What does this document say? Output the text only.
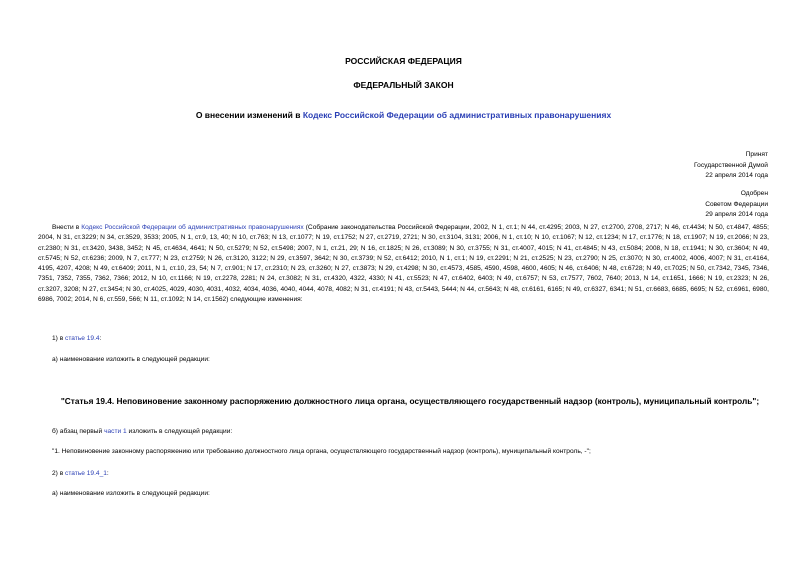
РОССИЙСКАЯ ФЕДЕРАЦИЯ
ФЕДЕРАЛЬНЫЙ ЗАКОН
О внесении изменений в Кодекс Российской Федерации об административных правонарушениях
Принят
Государственной Думой
22 апреля 2014 года
Одобрен
Советом Федерации
29 апреля 2014 года
Внести в Кодекс Российской Федерации об административных правонарушениях (Собрание законодательства Российской Федерации, 2002, N 1, ст.1; N 44, ст.4295; 2003, N 27, ст.2700, 2708, 2717; N 46, ст.4434; N 50, ст.4847, 4855; 2004, N 31, ст.3229; N 34, ст.3529, 3533; 2005, N 1, ст.9, 13, 40; N 10, ст.763; N 13, ст.1077; N 19, ст.1752; N 27, ст.2719, 2721; N 30, ст.3104, 3131; 2006, N 1, ст.10; N 10, ст.1067; N 12, ст.1234; N 17, ст.1776; N 18, ст.1907; N 19, ст.2066; N 23, ст.2380; N 31, ст.3420, 3438, 3452; N 45, ст.4634, 4641; N 50, ст.5279; N 52, ст.5498; 2007, N 1, ст.21, 29; N 16, ст.1825; N 26, ст.3089; N 30, ст.3755; N 31, ст.4007, 4015; N 41, ст.4845; N 43, ст.5084; 2008, N 18, ст.1941; N 30, ст.3604; N 49, ст.5745; N 52, ст.6236; 2009, N 7, ст.777; N 23, ст.2759; N 26, ст.3120, 3122; N 29, ст.3597, 3642; N 30, ст.3739; N 52, ст.6412; 2010, N 1, ст.1; N 19, ст.2291; N 21, ст.2525; N 23, ст.2790; N 25, ст.3070; N 30, ст.4002, 4006, 4007; N 31, ст.4164, 4195, 4207, 4208; N 49, ст.6409; 2011, N 1, ст.10, 23, 54; N 7, ст.901; N 17, ст.2310; N 23, ст.3260; N 27, ст.3873; N 29, ст.4298; N 30, ст.4573, 4585, 4590, 4598, 4600, 4605; N 46, ст.6406; N 48, ст.6728; N 49, ст.7025; N 50, ст.7342, 7345, 7346, 7351, 7352, 7355, 7362, 7366; 2012, N 10, ст.1166; N 19, ст.2278, 2281; N 24, ст.3082; N 31, ст.4320, 4322, 4330; N 41, ст.5523; N 47, ст.6402, 6403; N 49, ст.6757; N 53, ст.7577, 7602, 7640; 2013, N 14, ст.1651, 1666; N 19, ст.2323; N 26, ст.3207, 3208; N 27, ст.3454; N 30, ст.4025, 4029, 4030, 4031, 4032, 4034, 4036, 4040, 4044, 4078, 4082; N 31, ст.4191; N 43, ст.5443, 5444; N 44, ст.5643; N 48, ст.6161, 6165; N 49, ст.6327, 6341; N 51, ст.6683, 6685, 6695; N 52, ст.6961, 6980, 6986, 7002; 2014, N 6, ст.559, 566; N 11, ст.1092; N 14, ст.1562) следующие изменения:
1) в статье 19.4:
а) наименование изложить в следующей редакции:
"Статья 19.4. Неповиновение законному распоряжению должностного лица органа, осуществляющего государственный надзор (контроль), муниципальный контроль";
б) абзац первый части 1 изложить в следующей редакции:
"1. Неповиновение законному распоряжению или требованию должностного лица органа, осуществляющего государственный надзор (контроль), муниципальный контроль, -";
2) в статье 19.4_1:
а) наименование изложить в следующей редакции:
